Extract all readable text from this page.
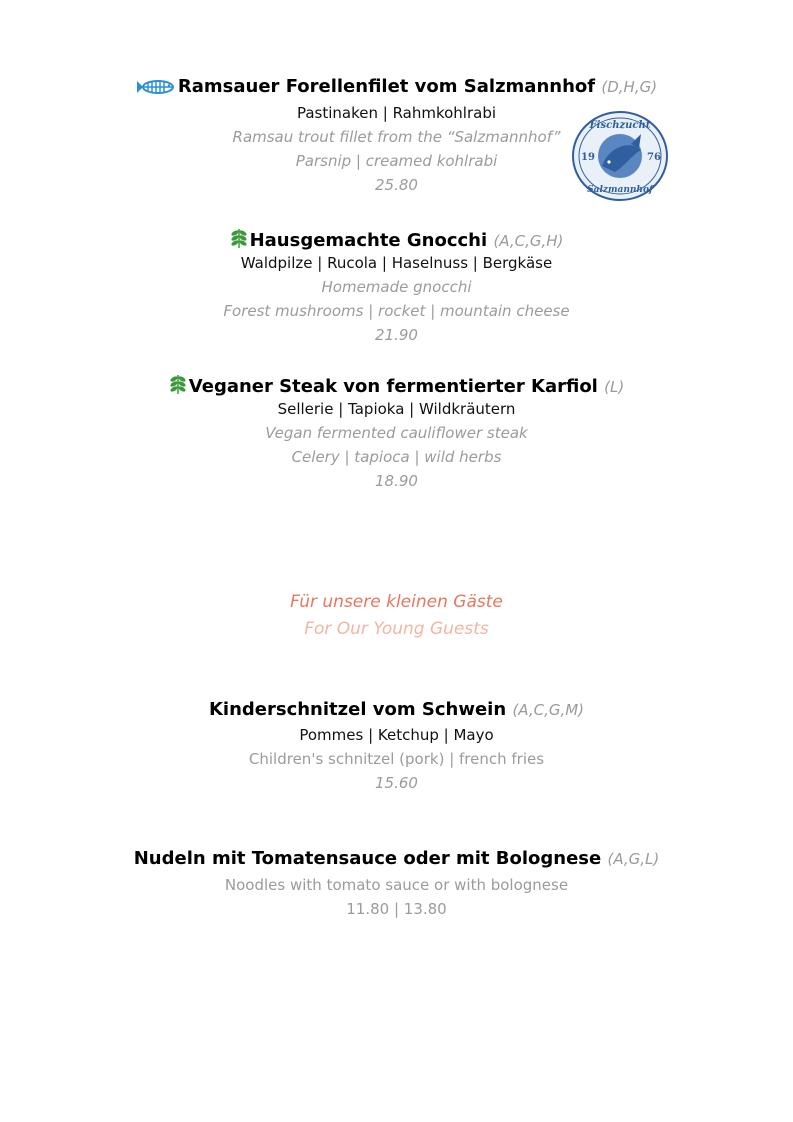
Ramsauer Forellenfilet vom Salzmannhof (D,H,G)
Pastinaken | Rahmkohlrabi
Ramsau trout fillet from the “Salzmannhof”
Parsnip | creamed kohlrabi
25.80
19	76
Fischzucht
Salzmannhof
Hausgemachte Gnocchi (A,C,G,H)
Waldpilze | Rucola | Haselnuss | Bergkäse
Homemade gnocchi
Forest mushrooms | rocket | mountain cheese
21.90
Veganer Steak von fermentierter Karfiol (L)
Sellerie | Tapioka | Wildkräutern
Vegan fermented cauliflower steak
Celery | tapioca | wild herbs
18.90
Für unsere kleinen Gäste
For Our Young Guests
Kinderschnitzel vom Schwein (A,C,G,M)
Pommes | Ketchup | Mayo
Children's schnitzel (pork) | french fries
15.60
Nudeln mit Tomatensauce oder mit Bolognese (A,G,L)
Noodles with tomato sauce or with bolognese
11.80 | 13.80
